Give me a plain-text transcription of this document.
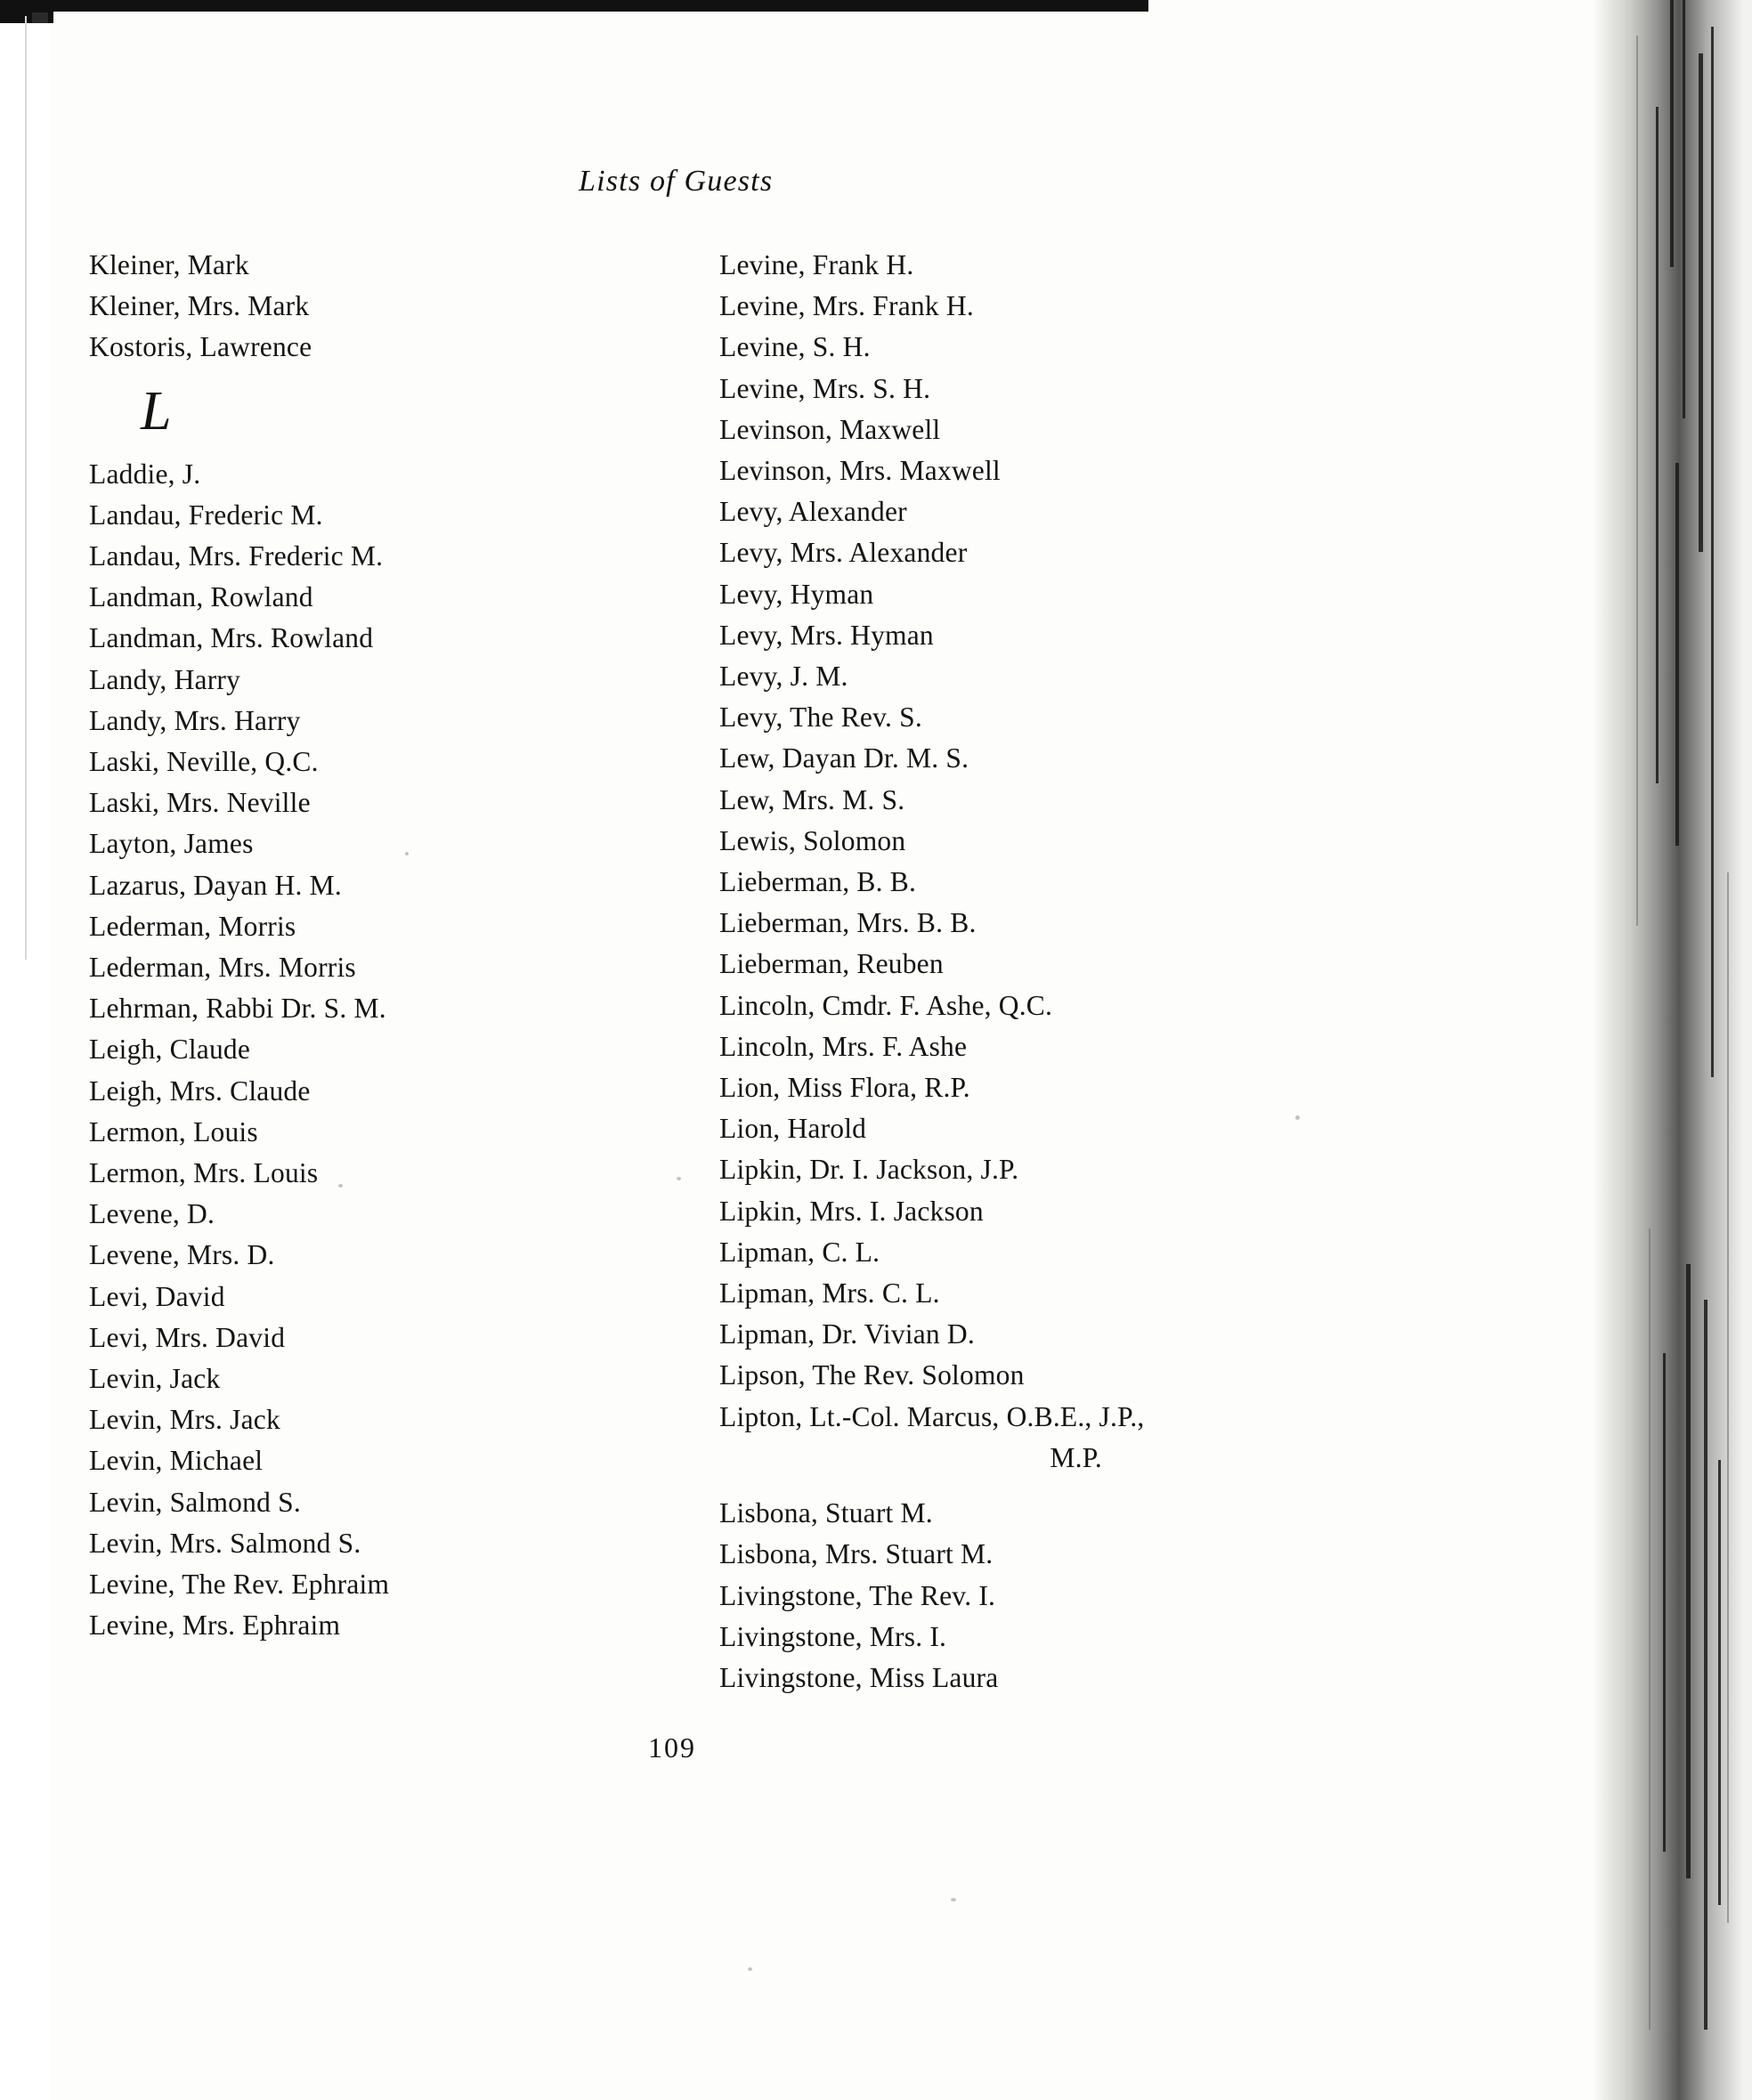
Lists of Guests
Kleiner, Mark
Kleiner, Mrs. Mark
Kostoris, Lawrence
L
Laddie, J.
Landau, Frederic M.
Landau, Mrs. Frederic M.
Landman, Rowland
Landman, Mrs. Rowland
Landy, Harry
Landy, Mrs. Harry
Laski, Neville, Q.C.
Laski, Mrs. Neville
Layton, James
Lazarus, Dayan H. M.
Lederman, Morris
Lederman, Mrs. Morris
Lehrman, Rabbi Dr. S. M.
Leigh, Claude
Leigh, Mrs. Claude
Lermon, Louis
Lermon, Mrs. Louis
Levene, D.
Levene, Mrs. D.
Levi, David
Levi, Mrs. David
Levin, Jack
Levin, Mrs. Jack
Levin, Michael
Levin, Salmond S.
Levin, Mrs. Salmond S.
Levine, The Rev. Ephraim
Levine, Mrs. Ephraim
Levine, Frank H.
Levine, Mrs. Frank H.
Levine, S. H.
Levine, Mrs. S. H.
Levinson, Maxwell
Levinson, Mrs. Maxwell
Levy, Alexander
Levy, Mrs. Alexander
Levy, Hyman
Levy, Mrs. Hyman
Levy, J. M.
Levy, The Rev. S.
Lew, Dayan Dr. M. S.
Lew, Mrs. M. S.
Lewis, Solomon
Lieberman, B. B.
Lieberman, Mrs. B. B.
Lieberman, Reuben
Lincoln, Cmdr. F. Ashe, Q.C.
Lincoln, Mrs. F. Ashe
Lion, Miss Flora, R.P.
Lion, Harold
Lipkin, Dr. I. Jackson, J.P.
Lipkin, Mrs. I. Jackson
Lipman, C. L.
Lipman, Mrs. C. L.
Lipman, Dr. Vivian D.
Lipson, The Rev. Solomon
Lipton, Lt.-Col. Marcus, O.B.E., J.P.,
M.P.
Lisbona, Stuart M.
Lisbona, Mrs. Stuart M.
Livingstone, The Rev. I.
Livingstone, Mrs. I.
Livingstone, Miss Laura
109
